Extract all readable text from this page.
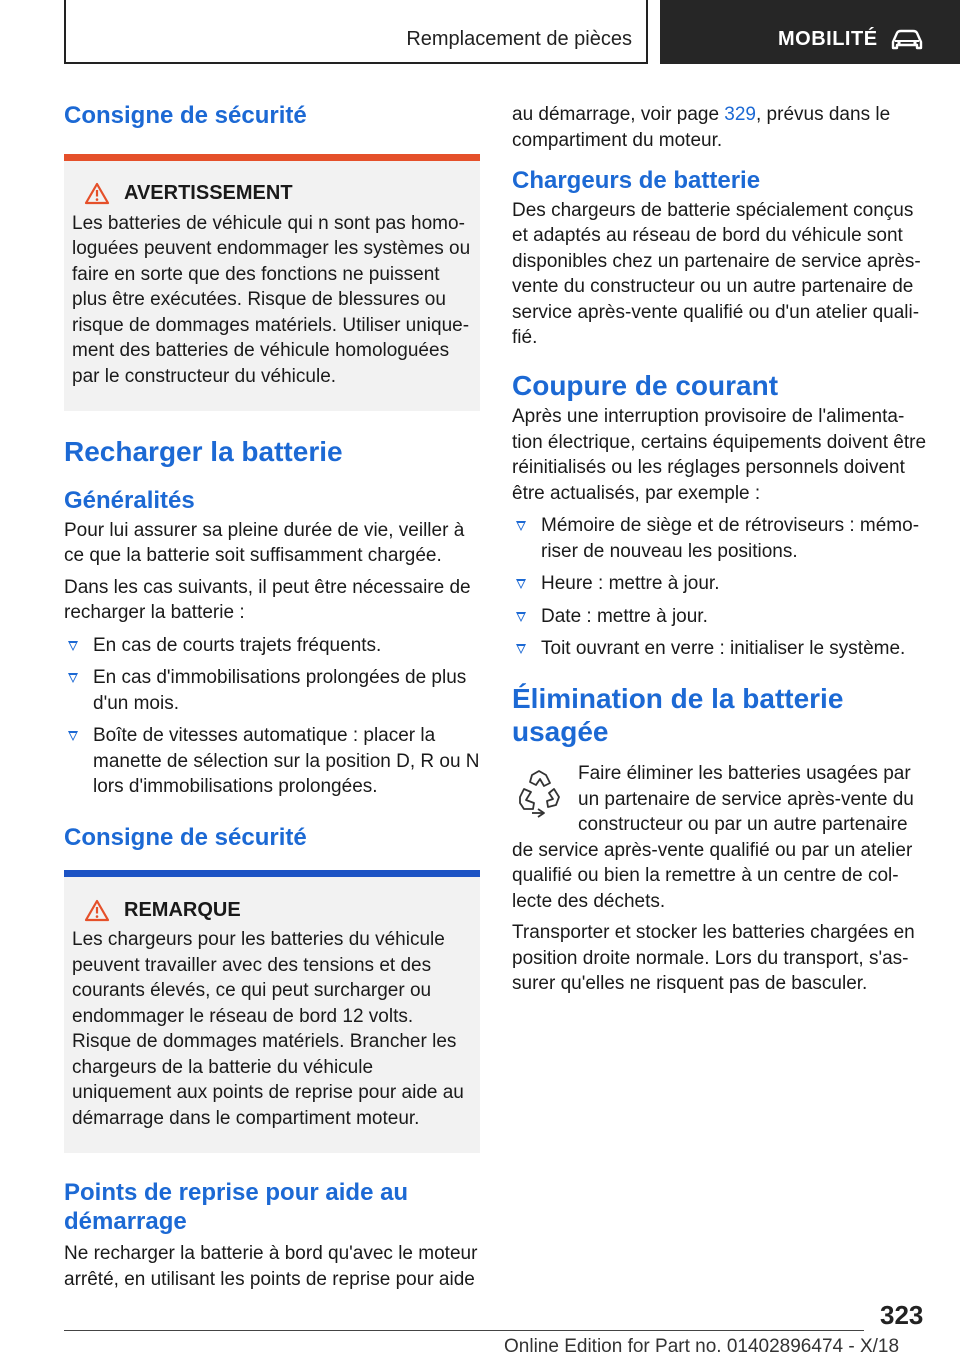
Remplacement de pièces	MOBILITÉ
Consigne de sécurité
AVERTISSEMENT

Les batteries de véhicule qui n sont pas homologuées peuvent endommager les systèmes ou faire en sorte que des fonctions ne puissent plus être exécutées. Risque de blessures ou risque de dommages matériels. Utiliser uniquement des batteries de véhicule homologuées par le constructeur du véhicule.

Recharger la batterie
Généralités

Pour lui assurer sa pleine durée de vie, veiller à ce que la batterie soit suffisamment chargée.

Dans les cas suivants, il peut être nécessaire de recharger la batterie :

En cas de courts trajets fréquents.
En cas d'immobilisations prolongées de plus d'un mois.
Boîte de vitesses automatique : placer la manette de sélection sur la position D, R ou N lors d'immobilisations prolongées.
Consigne de sécurité
REMARQUE

Les chargeurs pour les batteries du véhicule peuvent travailler avec des tensions et des courants élevés, ce qui peut surcharger ou endommager le réseau de bord 12 volts. Risque de dommages matériels. Brancher les chargeurs de la batterie du véhicule uniquement aux points de reprise pour aide au démarrage dans le compartiment moteur.

Points de reprise pour aide au démarrage

Ne recharger la batterie à bord qu'avec le moteur arrêté, en utilisant les points de reprise pour aide

au démarrage, voir page 329, prévus dans le compartiment du moteur.

Chargeurs de batterie

Des chargeurs de batterie spécialement conçus et adaptés au réseau de bord du véhicule sont disponibles chez un partenaire de service après-vente du constructeur ou un autre partenaire de service après-vente qualifié ou d'un atelier qualifié.

Coupure de courant

Après une interruption provisoire de l'alimentation électrique, certains équipements doivent être réinitialisés ou les réglages personnels doivent être actualisés, par exemple :

Mémoire de siège et de rétroviseurs : mémoriser de nouveau les positions.
Heure : mettre à jour.
Date : mettre à jour.
Toit ouvrant en verre : initialiser le système.
Élimination de la batterie usagée

Faire éliminer les batteries usagées par un partenaire de service après-vente du constructeur ou par un autre partenaire de service après-vente qualifié ou par un atelier qualifié ou bien la remettre à un centre de collecte des déchets.

Transporter et stocker les batteries chargées en position droite normale. Lors du transport, s'assurer qu'elles ne risquent pas de basculer.

323
Online Edition for Part no. 01402896474 - X/18
